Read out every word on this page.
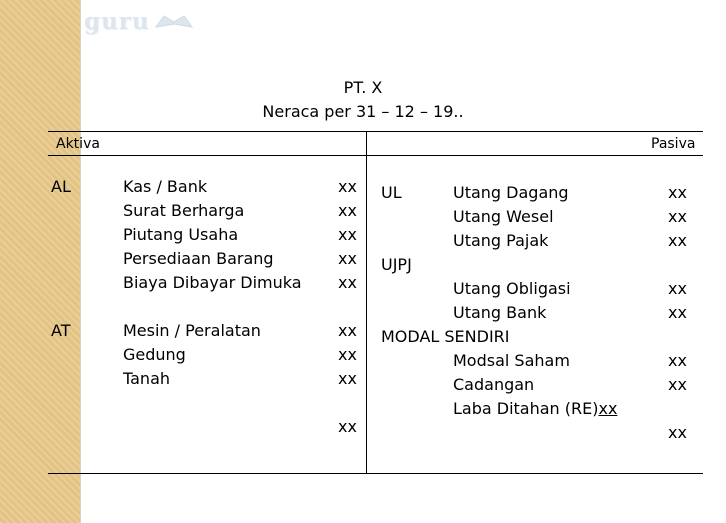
guru
PT. X
Neraca per 31 – 12 – 19..
Aktiva	Pasiva
AL	Kas / Bank	xx
Surat Berharga	xx
Piutang Usaha	xx
Persediaan Barang	xx
Biaya Dibayar Dimuka xx
AT	Mesin / Peralatan	xx
Gedung	xx
Tanah	xx
xx
UL	Utang Dagang	xx
Utang Wesel	xx
Utang Pajak	xx
UJPJ
Utang Obligasi	xx
Utang Bank	xx
MODAL SENDIRI
Modsal Saham	xx
Cadangan	xx
Laba Ditahan (RE)xx
xx
